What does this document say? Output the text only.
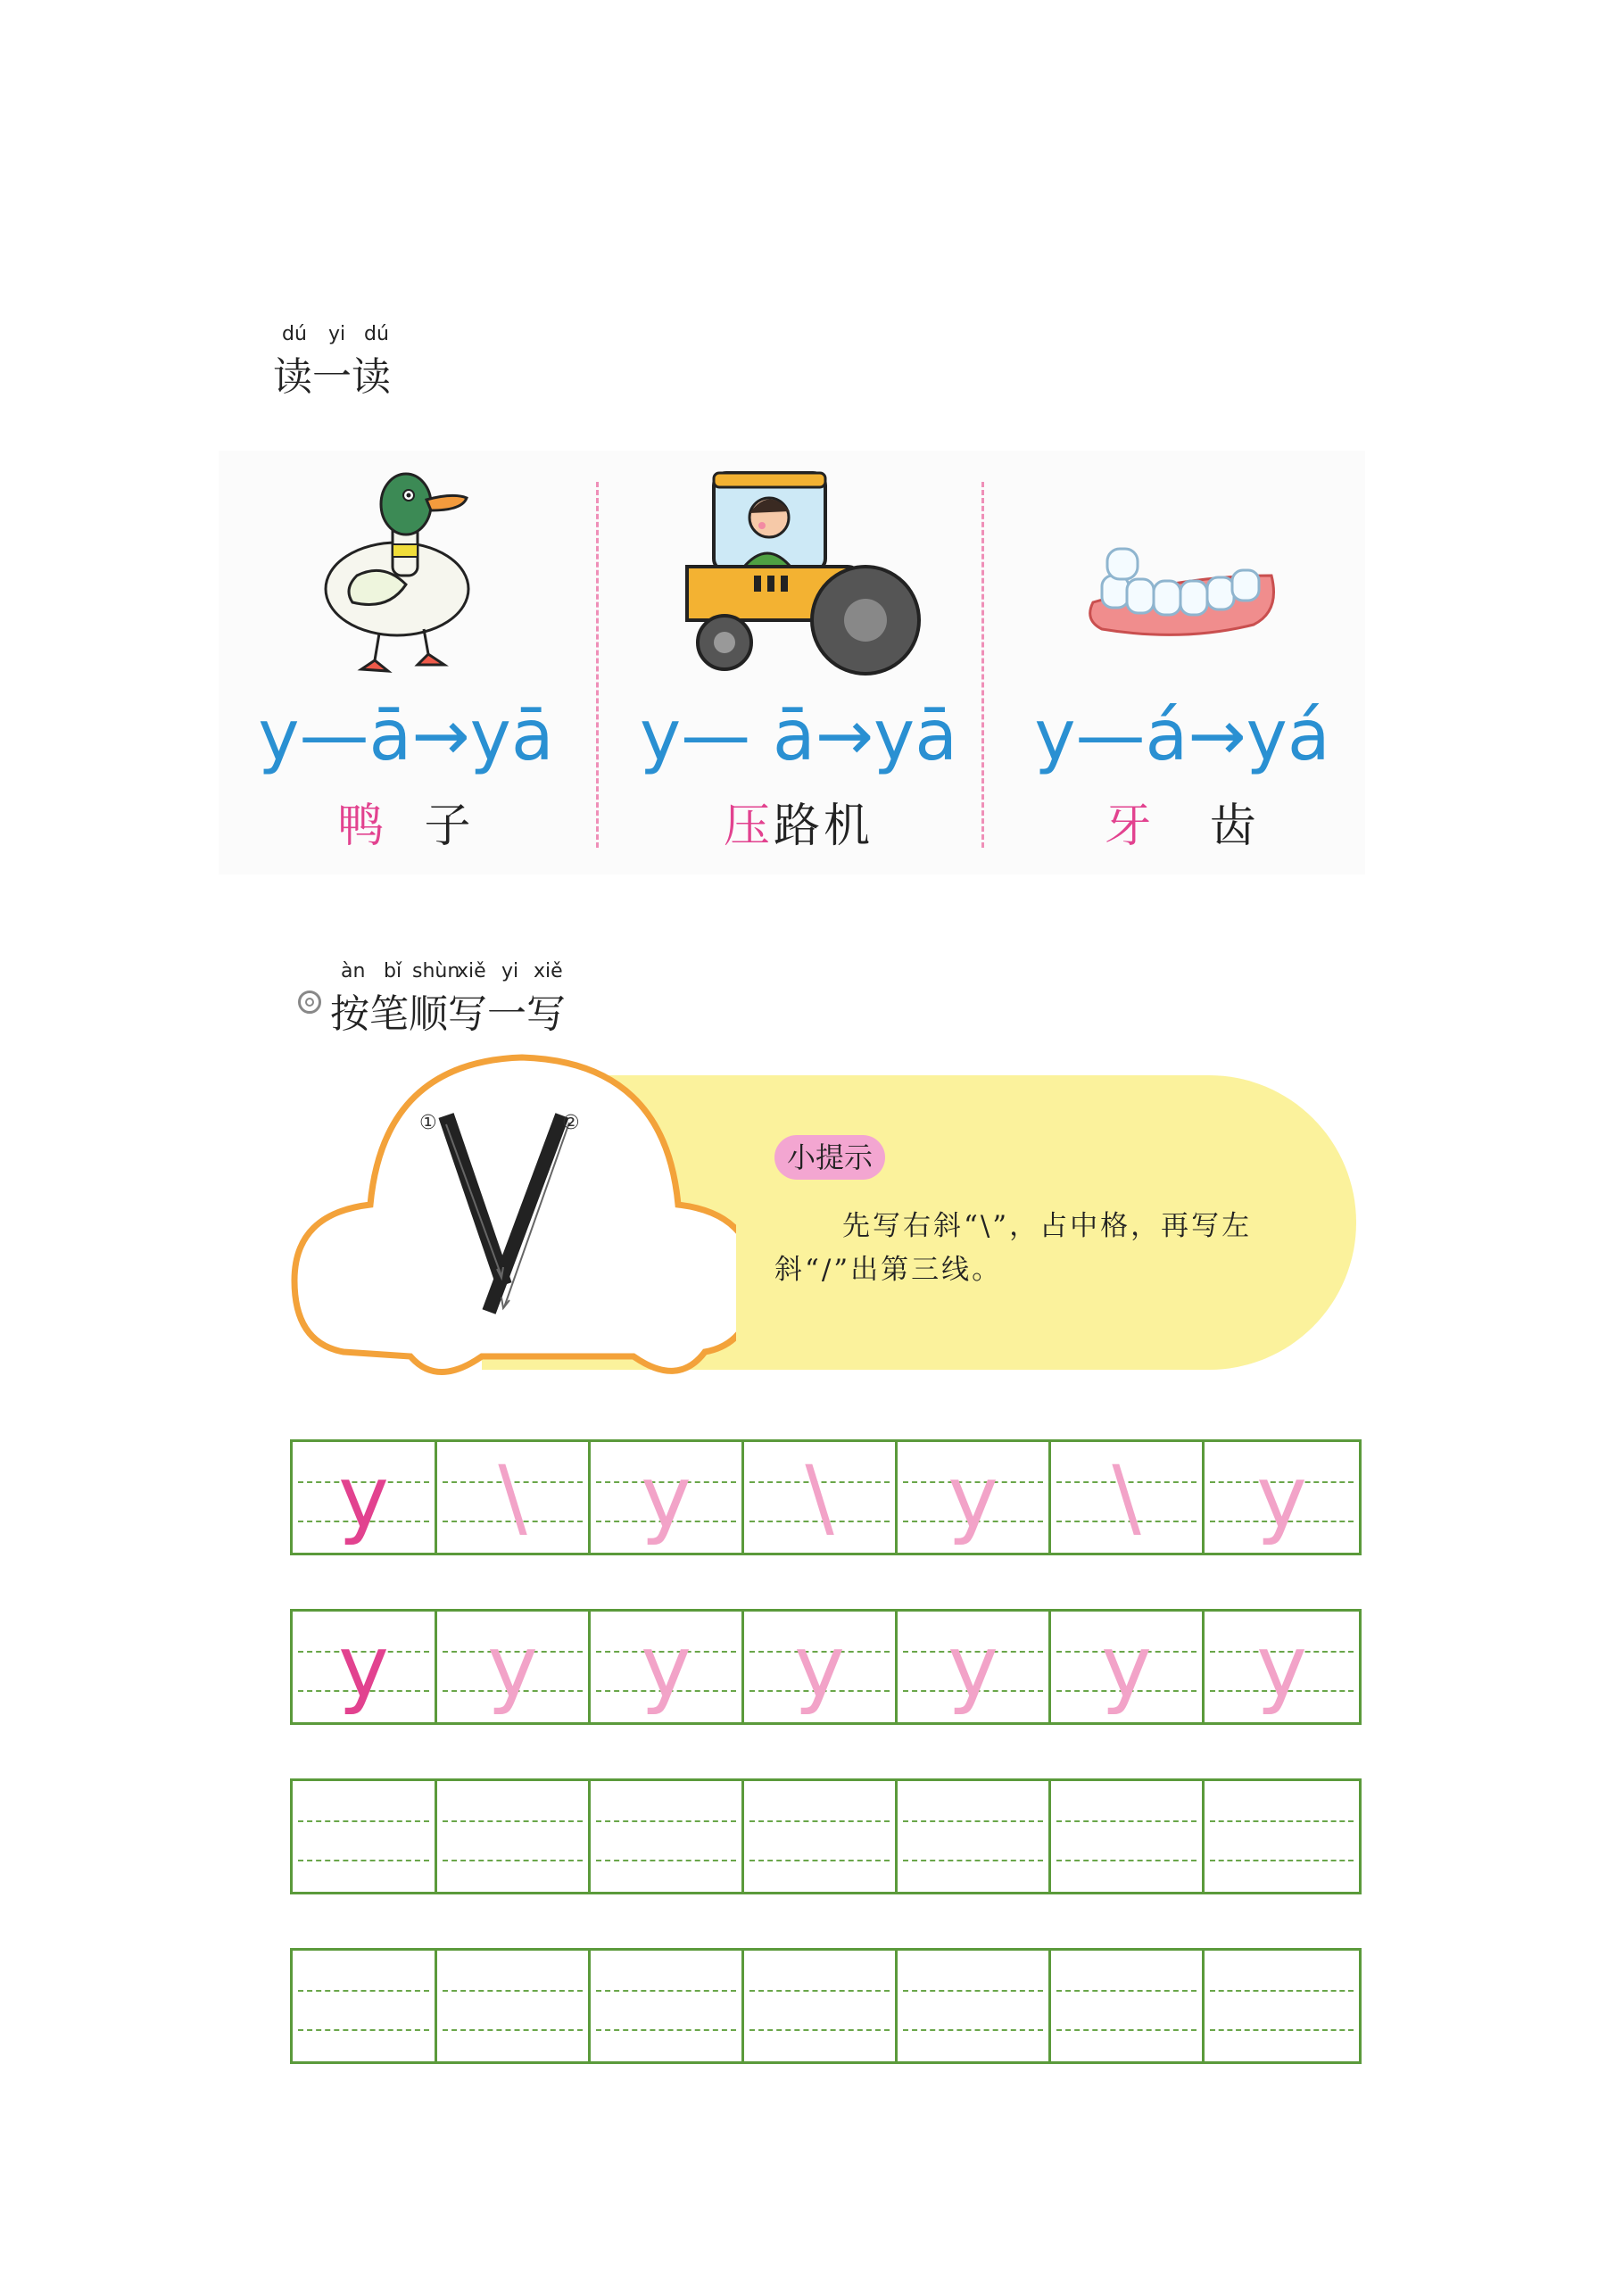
dú yi dú
读一读
y—ā→yā
鸭 子
y— ā→yā
压路机
y—á→yá
牙 齿
àn bǐ shùn
xiě yi xiě
按笔顺写一写
①	②
小提示
先写右斜“\”，占中格，再写左
斜“/”出第三线。
y	\	y	\	y	\	y
y	y	y	y	y	y	y
